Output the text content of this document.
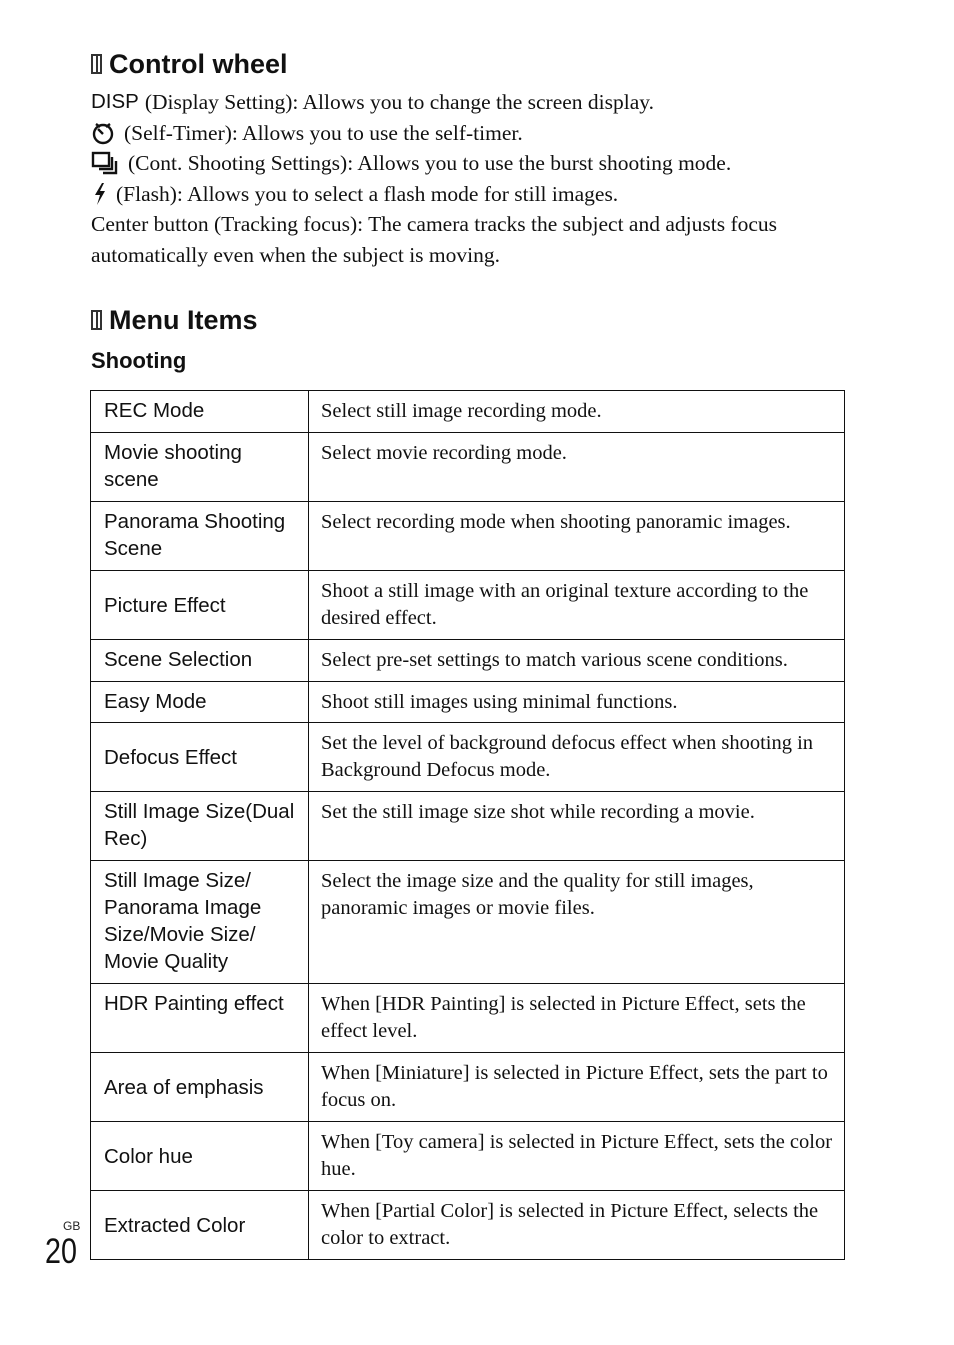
Control wheel
DISP (Display Setting): Allows you to change the screen display.
(Self-Timer): Allows you to use the self-timer.
(Cont. Shooting Settings): Allows you to use the burst shooting mode.
(Flash): Allows you to select a flash mode for still images.
Center button (Tracking focus): The camera tracks the subject and adjusts focus automatically even when the subject is moving.
Menu Items
Shooting
REC Mode	Select still image recording mode.
Movie shooting scene	Select movie recording mode.
Panorama Shooting Scene	Select recording mode when shooting panoramic images.
Picture Effect	Shoot a still image with an original texture according to the desired effect.
Scene Selection	Select pre-set settings to match various scene conditions.
Easy Mode	Shoot still images using minimal functions.
Defocus Effect	Set the level of background defocus effect when shooting in Background Defocus mode.
Still Image Size(Dual Rec)	Set the still image size shot while recording a movie.
Still Image Size/ Panorama Image Size/Movie Size/ Movie Quality	Select the image size and the quality for still images, panoramic images or movie files.
HDR Painting effect	When [HDR Painting] is selected in Picture Effect, sets the effect level.
Area of emphasis	When [Miniature] is selected in Picture Effect, sets the part to focus on.
Color hue	When [Toy camera] is selected in Picture Effect, sets the color hue.
Extracted Color	When [Partial Color] is selected in Picture Effect, selects the color to extract.
GB
20
